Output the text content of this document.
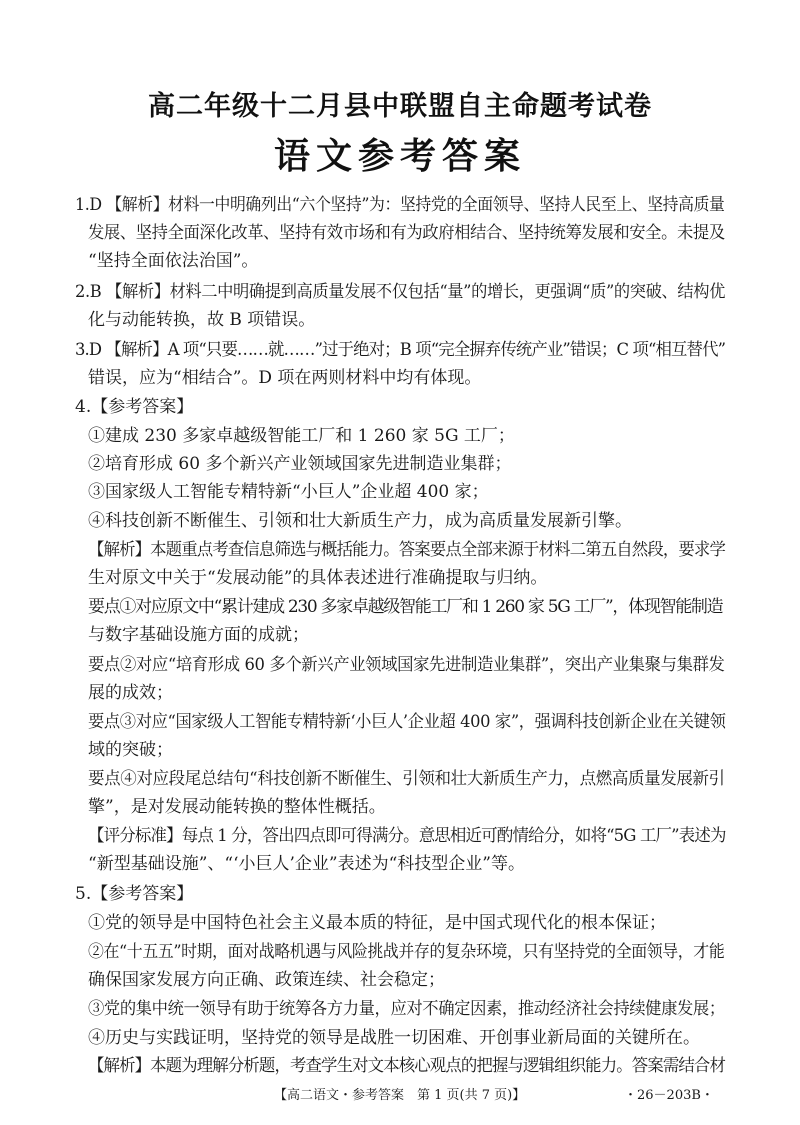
高二年级十二月县中联盟自主命题考试卷
语文参考答案
1.D 【解析】材料一中明确列出“六个坚持”为：坚持党的全面领导、坚持人民至上、坚持高质量
发展、坚持全面深化改革、坚持有效市场和有为政府相结合、坚持统筹发展和安全。未提及
“坚持全面依法治国”。
2.B 【解析】材料二中明确提到高质量发展不仅包括“量”的增长，更强调“质”的突破、结构优
化与动能转换，故 B 项错误。
3.D 【解析】A 项“只要……就……”过于绝对；B 项“完全摒弃传统产业”错误；C 项“相互替代”
错误，应为“相结合”。D 项在两则材料中均有体现。
4.【参考答案】
①建成 230 多家卓越级智能工厂和 1 260 家 5G 工厂；
②培育形成 60 多个新兴产业领域国家先进制造业集群；
③国家级人工智能专精特新“小巨人”企业超 400 家；
④科技创新不断催生、引领和壮大新质生产力，成为高质量发展新引擎。
【解析】本题重点考查信息筛选与概括能力。答案要点全部来源于材料二第五自然段，要求学
生对原文中关于“发展动能”的具体表述进行准确提取与归纳。
要点①对应原文中“累计建成 230 多家卓越级智能工厂和 1 260 家 5G 工厂”，体现智能制造
与数字基础设施方面的成就；
要点②对应“培育形成 60 多个新兴产业领域国家先进制造业集群”，突出产业集聚与集群发
展的成效；
要点③对应“国家级人工智能专精特新‘小巨人’企业超 400 家”，强调科技创新企业在关键领
域的突破；
要点④对应段尾总结句“科技创新不断催生、引领和壮大新质生产力，点燃高质量发展新引
擎”，是对发展动能转换的整体性概括。
【评分标准】每点 1 分，答出四点即可得满分。意思相近可酌情给分，如将“5G 工厂”表述为
“新型基础设施”、“‘小巨人’企业”表述为“科技型企业”等。
5.【参考答案】
①党的领导是中国特色社会主义最本质的特征，是中国式现代化的根本保证；
②在“十五五”时期，面对战略机遇与风险挑战并存的复杂环境，只有坚持党的全面领导，才能
确保国家发展方向正确、政策连续、社会稳定；
③党的集中统一领导有助于统筹各方力量，应对不确定因素，推动经济社会持续健康发展；
④历史与实践证明，坚持党的领导是战胜一切困难、开创事业新局面的关键所在。
【解析】本题为理解分析题，考查学生对文本核心观点的把握与逻辑组织能力。答案需结合材
【高二语文・参考答案　第 1 页(共 7 页)】	・26－203B・
